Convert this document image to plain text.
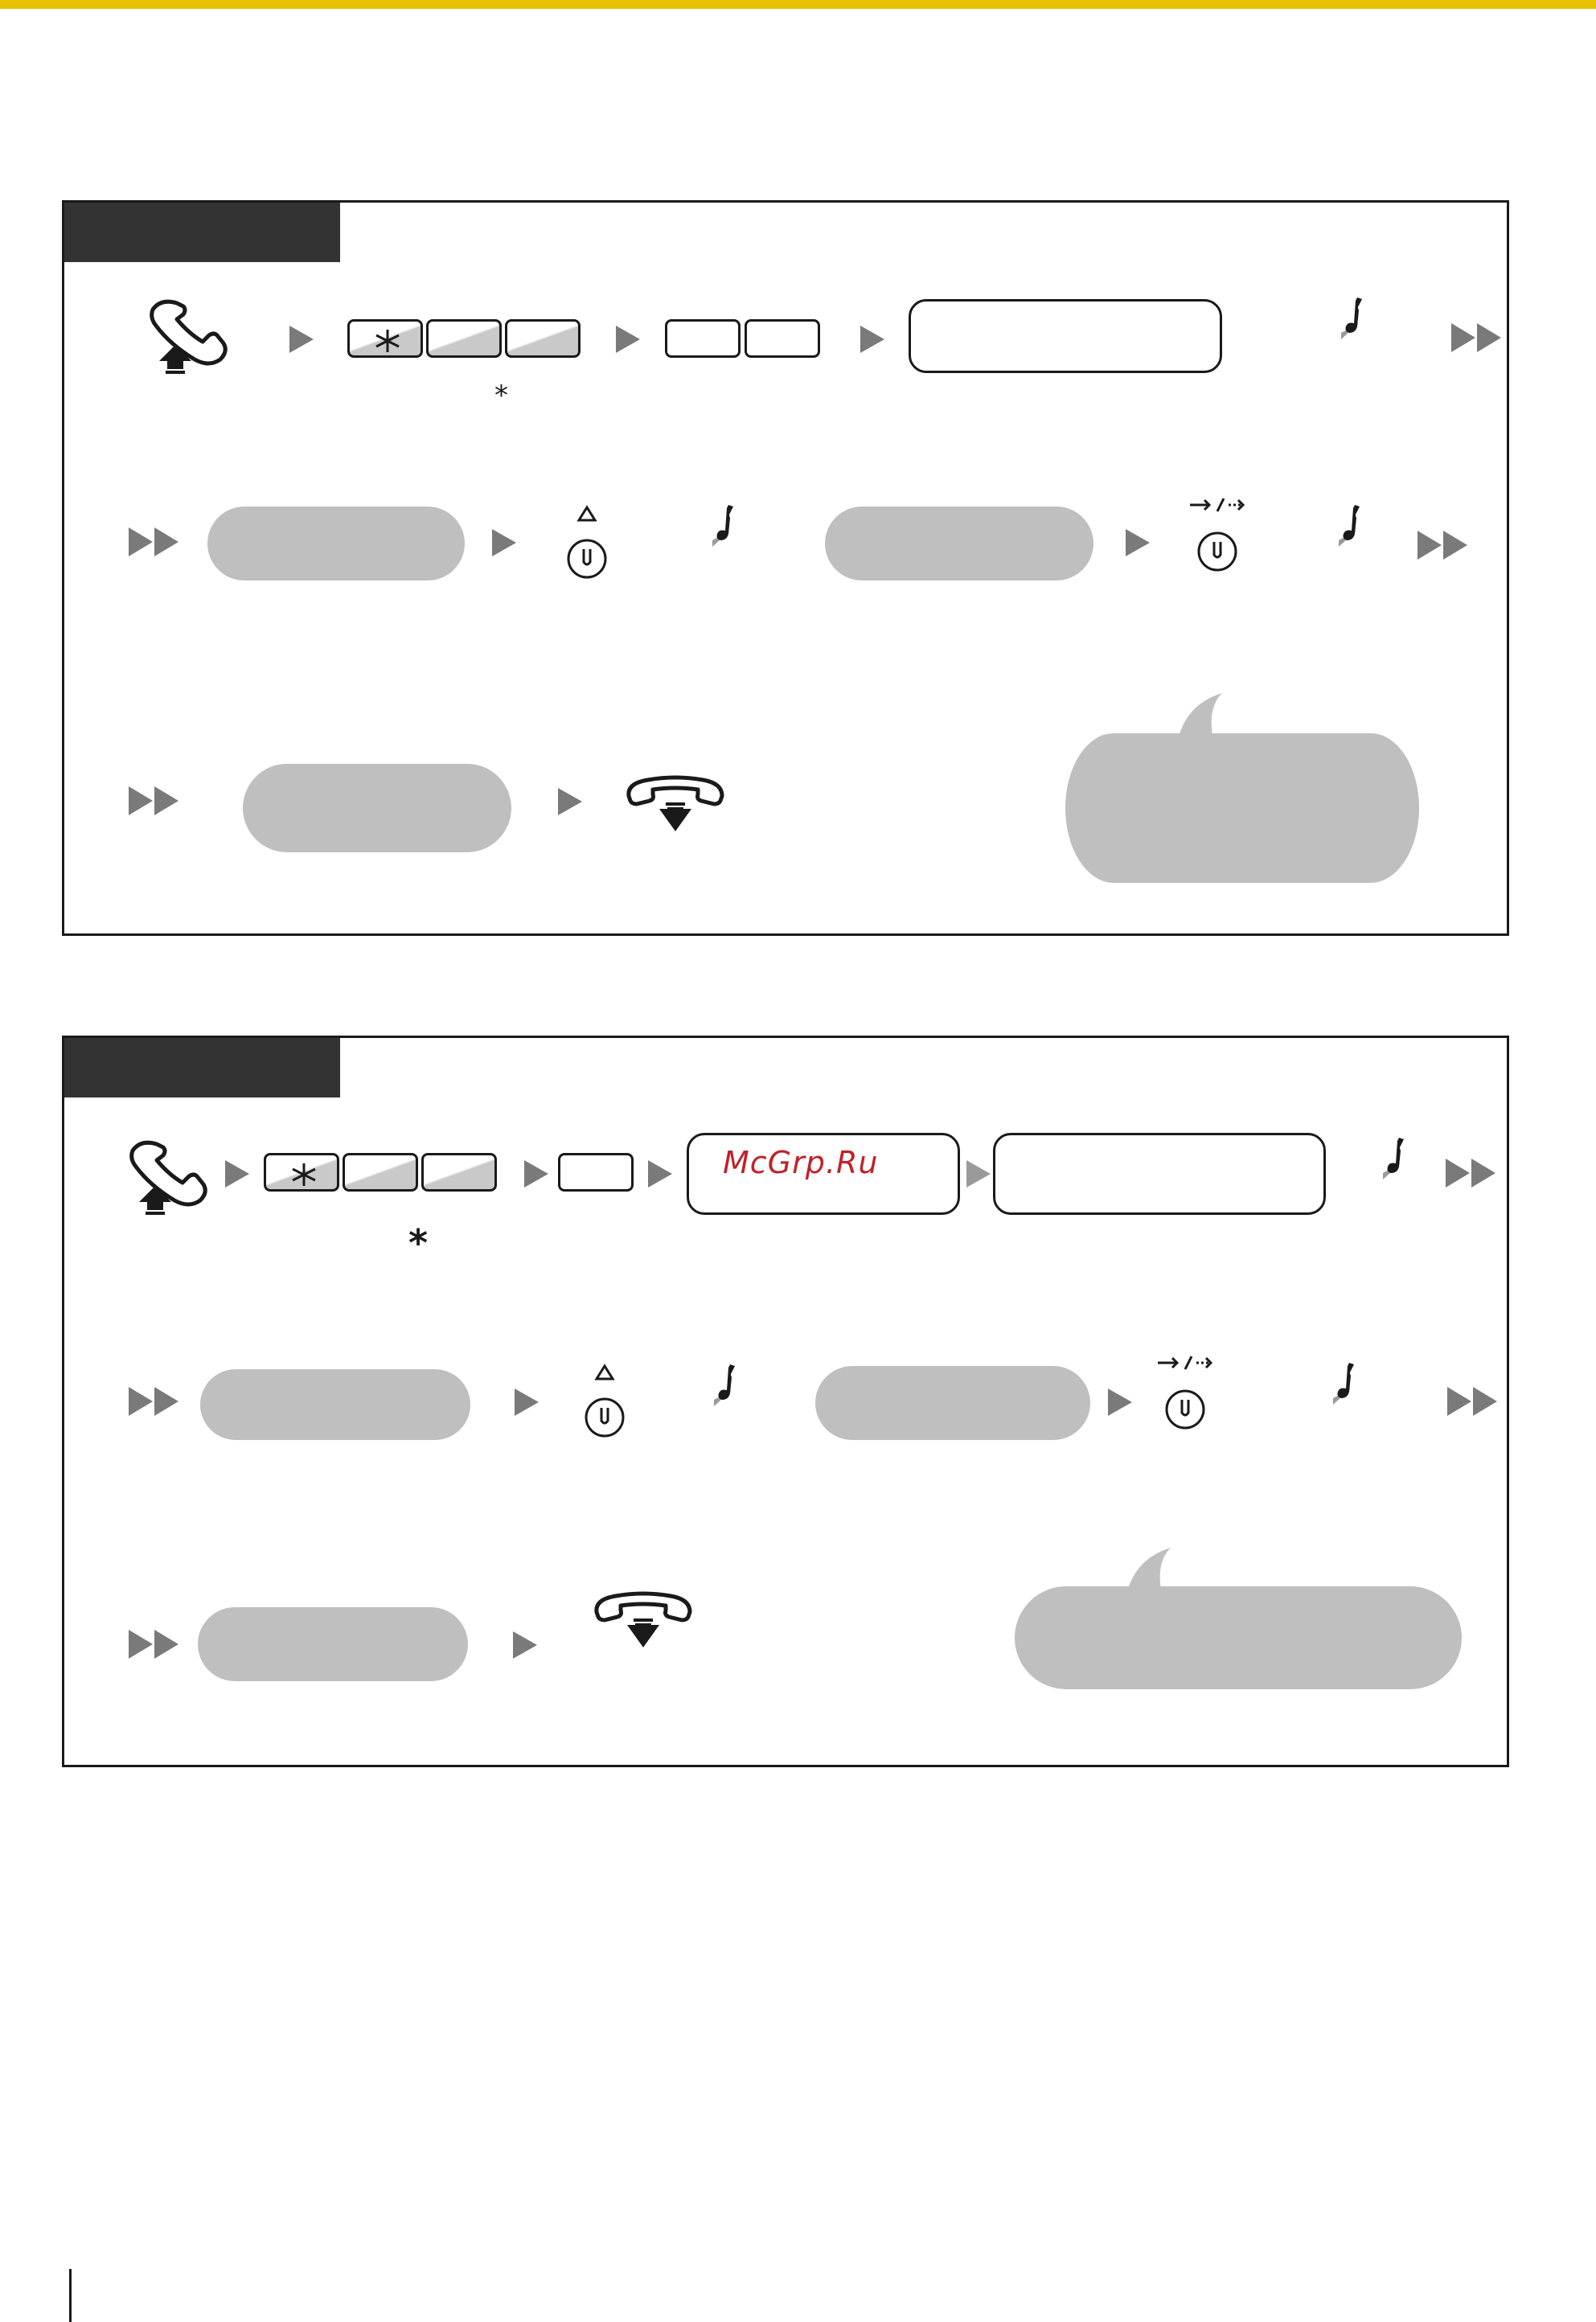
*
*
McGrp.Ru
